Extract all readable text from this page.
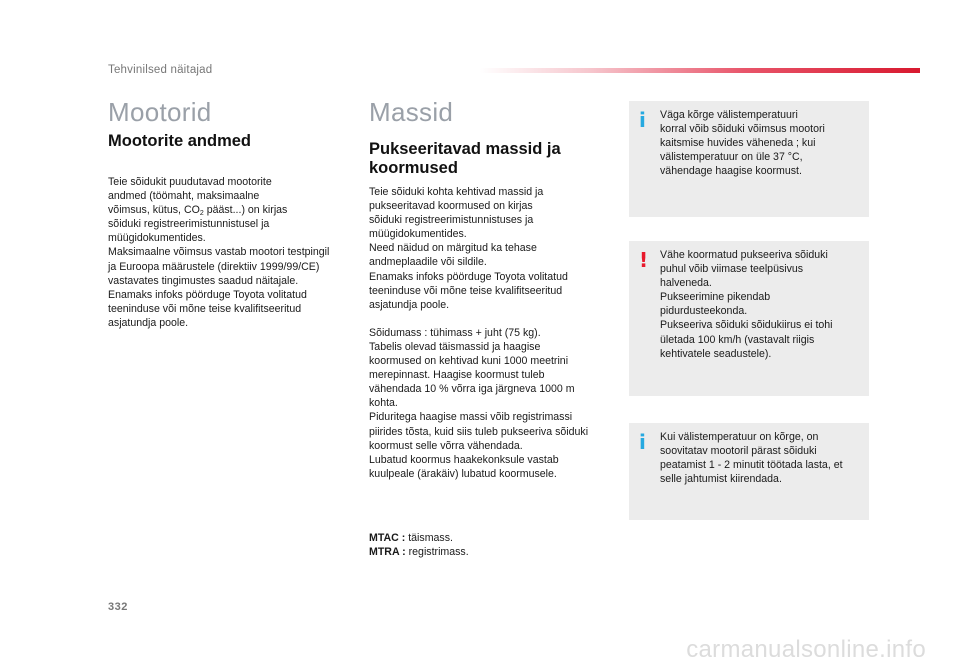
Tehvinilsed näitajad
Mootorid
Mootorite andmed
Teie sõidukit puudutavad mootorite
andmed (töömaht, maksimaalne
võimsus, kütus, $CO_2$ pääst...) on kirjas
sõiduki registreerimistunnistusel ja
müügidokumentides.
Maksimaalne võimsus vastab mootori testpingil
ja Euroopa määrustele (direktiiv 1999/99/CE)
vastavates tingimustes saadud näitajale.
Enamaks infoks pöörduge Toyota volitatud
teeninduse või mõne teise kvalifitseeritud
asjatundja poole.
Massid
Pukseeritavad massid ja koormused
Teie sõiduki kohta kehtivad massid ja
pukseeritavad koormused on kirjas
sõiduki registreerimistunnistuses ja
müügidokumentides.
Need näidud on märgitud ka tehase
andmeplaadile või sildile.
Enamaks infoks pöörduge Toyota volitatud
teeninduse või mõne teise kvalifitseeritud
asjatundja poole.
Sõidumass : tühimass + juht (75 kg).
Tabelis olevad täismassid ja haagise
koormused on kehtivad kuni 1000 meetrini
merepinnast. Haagise koormust tuleb
vähendada 10 % võrra iga järgneva 1000 m
kohta.
Piduritega haagise massi võib registrimassi
piirides tõsta, kuid siis tuleb pukseeriva sõiduki
koormust selle võrra vähendada.
Lubatud koormus haakekonksule vastab
kuulpeale (ärakäiv) lubatud koormusele.
MTAC : täismass.
MTRA : registrimass.
i Väga kõrge välistemperatuuri
korral võib sõiduki võimsus mootori
kaitsmise huvides väheneda ; kui
välistemperatuur on üle 37 °C,
vähendage haagise koormust.
! Vähe koormatud pukseeriva sõiduki
puhul võib viimase teelpüsivus
halveneda.
Pukseerimine pikendab
pidurdusteekonda.
Pukseeriva sõiduki sõidukiirus ei tohi
ületada 100 km/h (vastavalt riigis
kehtivatele seadustele).
i Kui välistemperatuur on kõrge, on
soovitatav mootoril pärast sõiduki
peatamist 1 - 2 minutit töötada lasta, et
selle jahtumist kiirendada.
332
carmanualsonline.info
